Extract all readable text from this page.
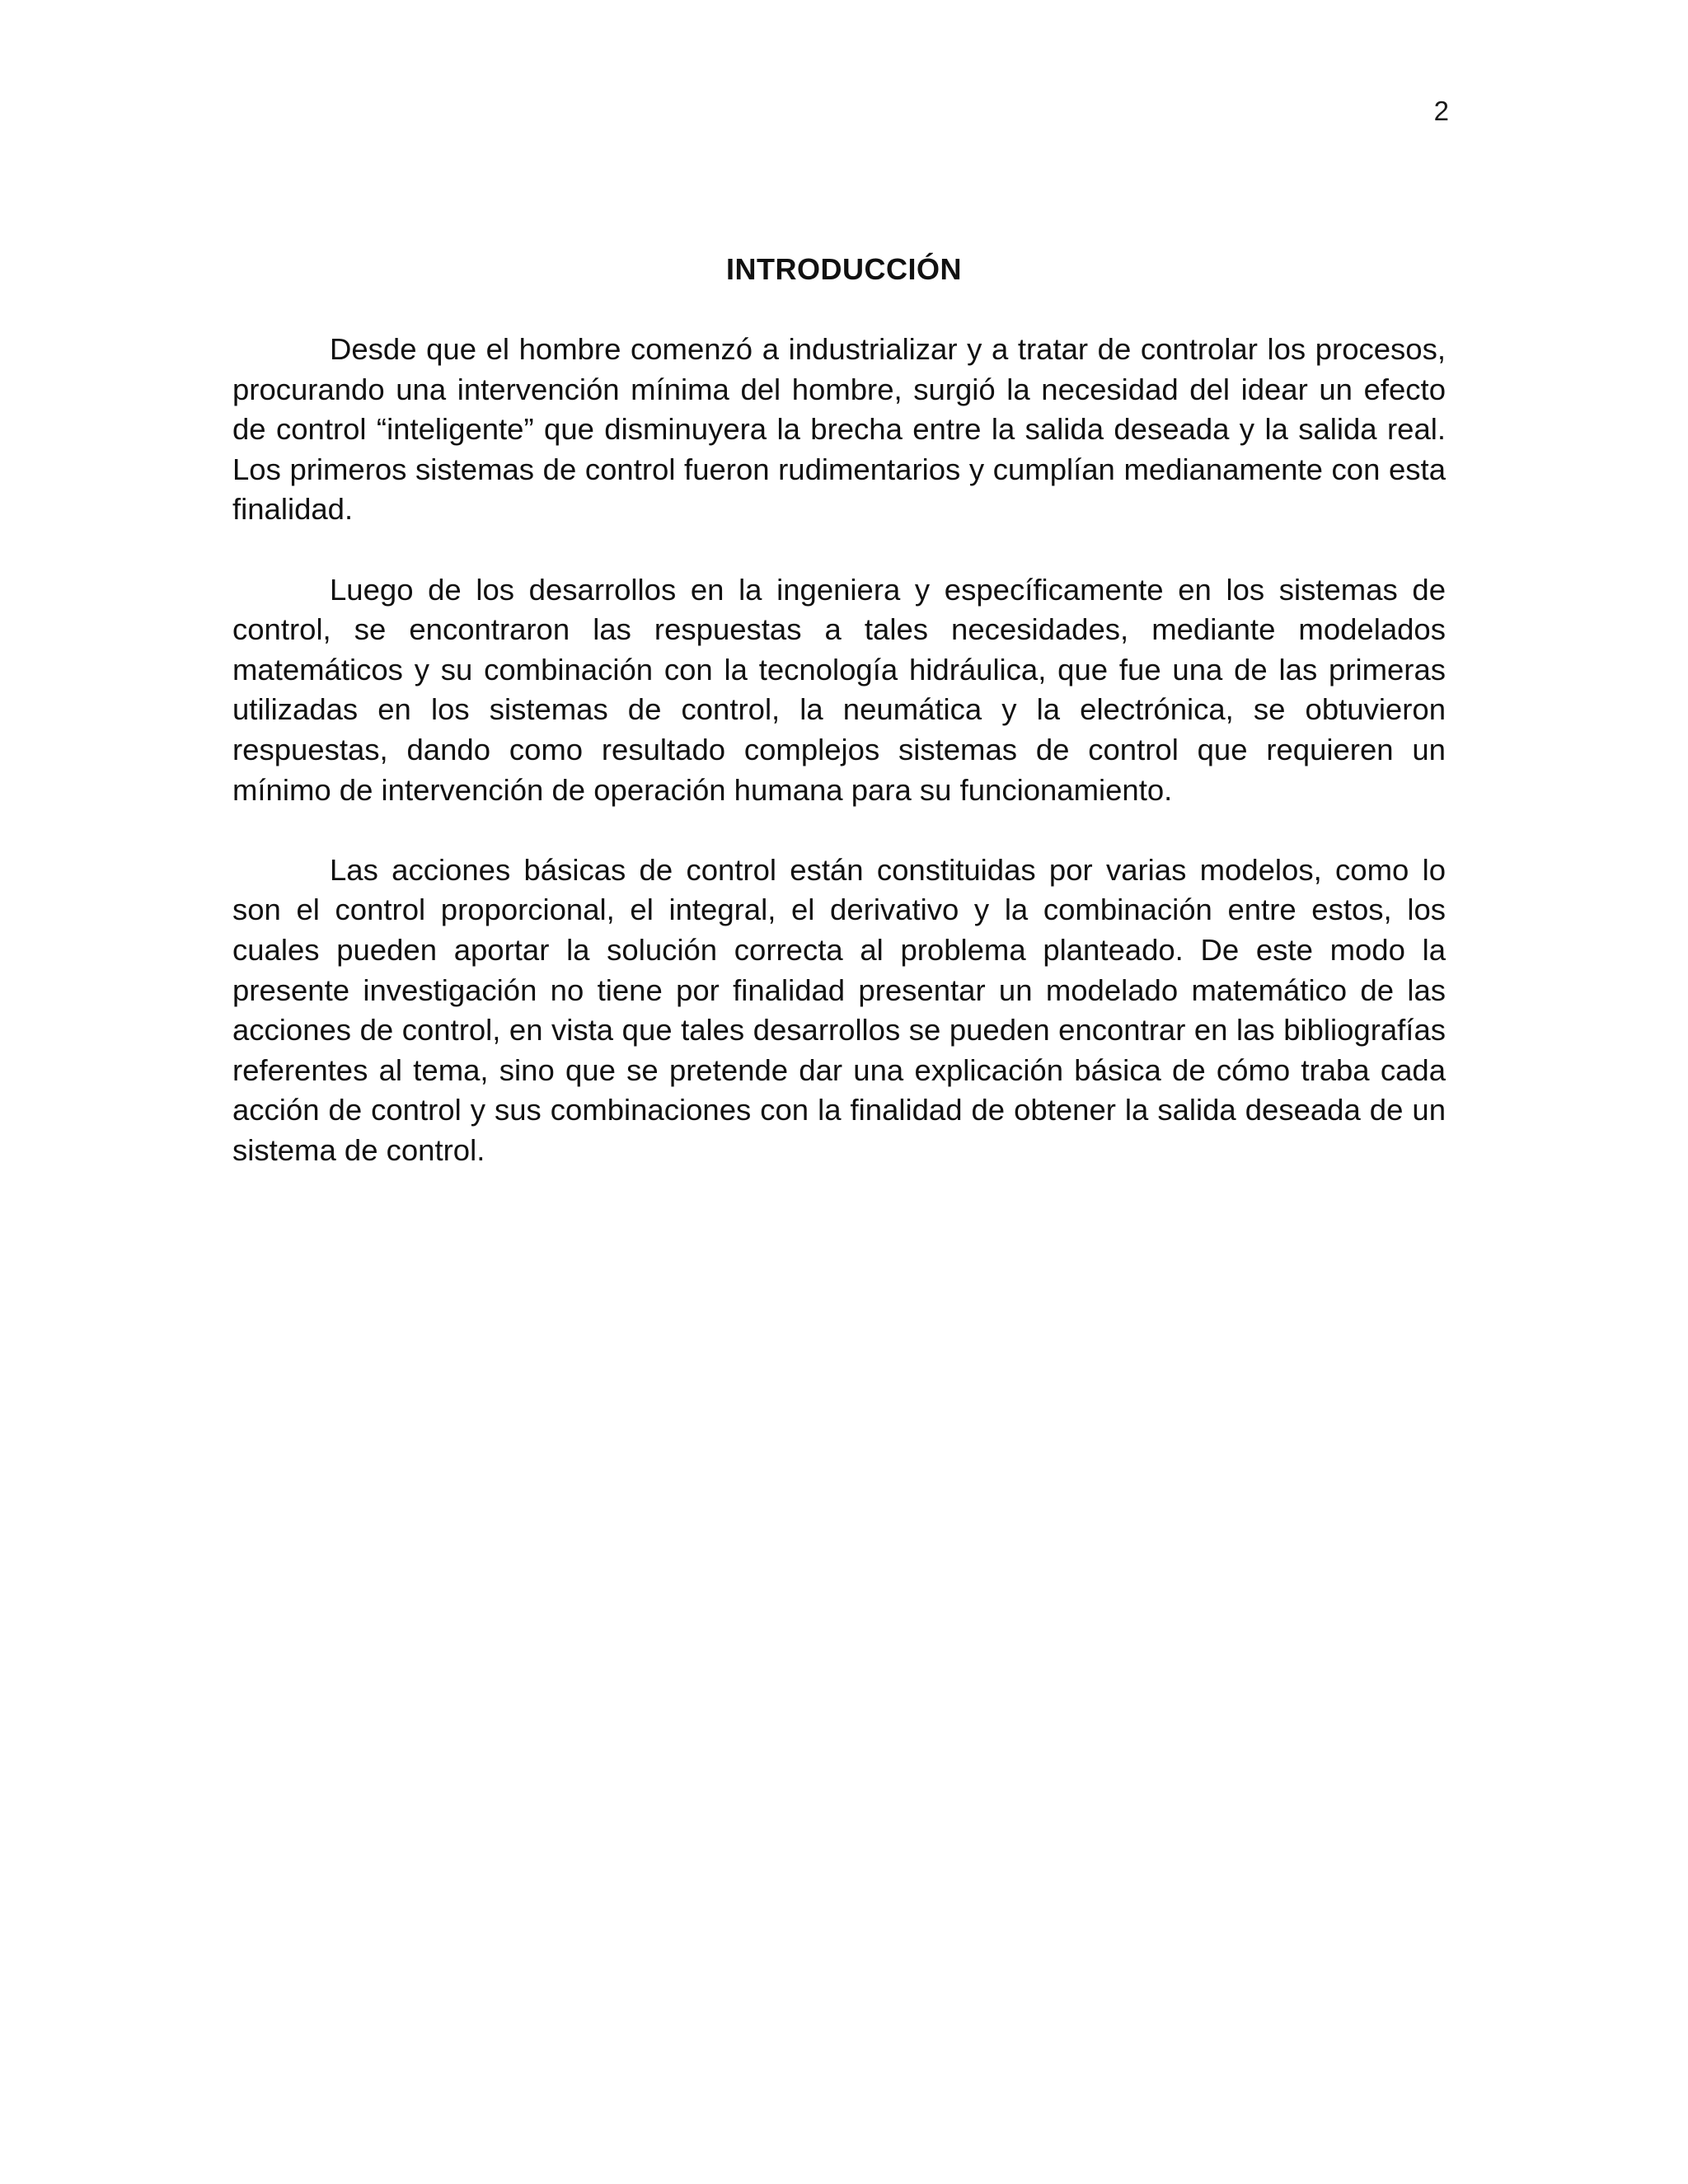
2
INTRODUCCIÓN

Desde que el hombre comenzó a industrializar y a tratar de controlar los procesos, procurando una intervención mínima del hombre, surgió la necesidad del idear un efecto de control “inteligente” que disminuyera la brecha entre la salida deseada y la salida real. Los primeros sistemas de control fueron rudimentarios y cumplían medianamente con esta finalidad.

Luego de los desarrollos en la ingeniera y específicamente en los sistemas de control, se encontraron las respuestas a tales necesidades, mediante modelados matemáticos y su combinación con la tecnología hidráulica, que fue una de las primeras utilizadas en los sistemas de control, la neumática y la electrónica, se obtuvieron respuestas, dando como resultado complejos sistemas de control que requieren un mínimo de intervención de operación humana para su funcionamiento.

Las acciones básicas de control están constituidas por varias modelos, como lo son el control proporcional, el integral, el derivativo y la combinación entre estos, los cuales pueden aportar la solución correcta al problema planteado. De este modo la presente investigación no tiene por finalidad presentar un modelado matemático de las acciones de control, en vista que tales desarrollos se pueden encontrar en las bibliografías referentes al tema, sino que se pretende dar una explicación básica de cómo traba cada acción de control y sus combinaciones con la finalidad de obtener la salida deseada de un sistema de control.
